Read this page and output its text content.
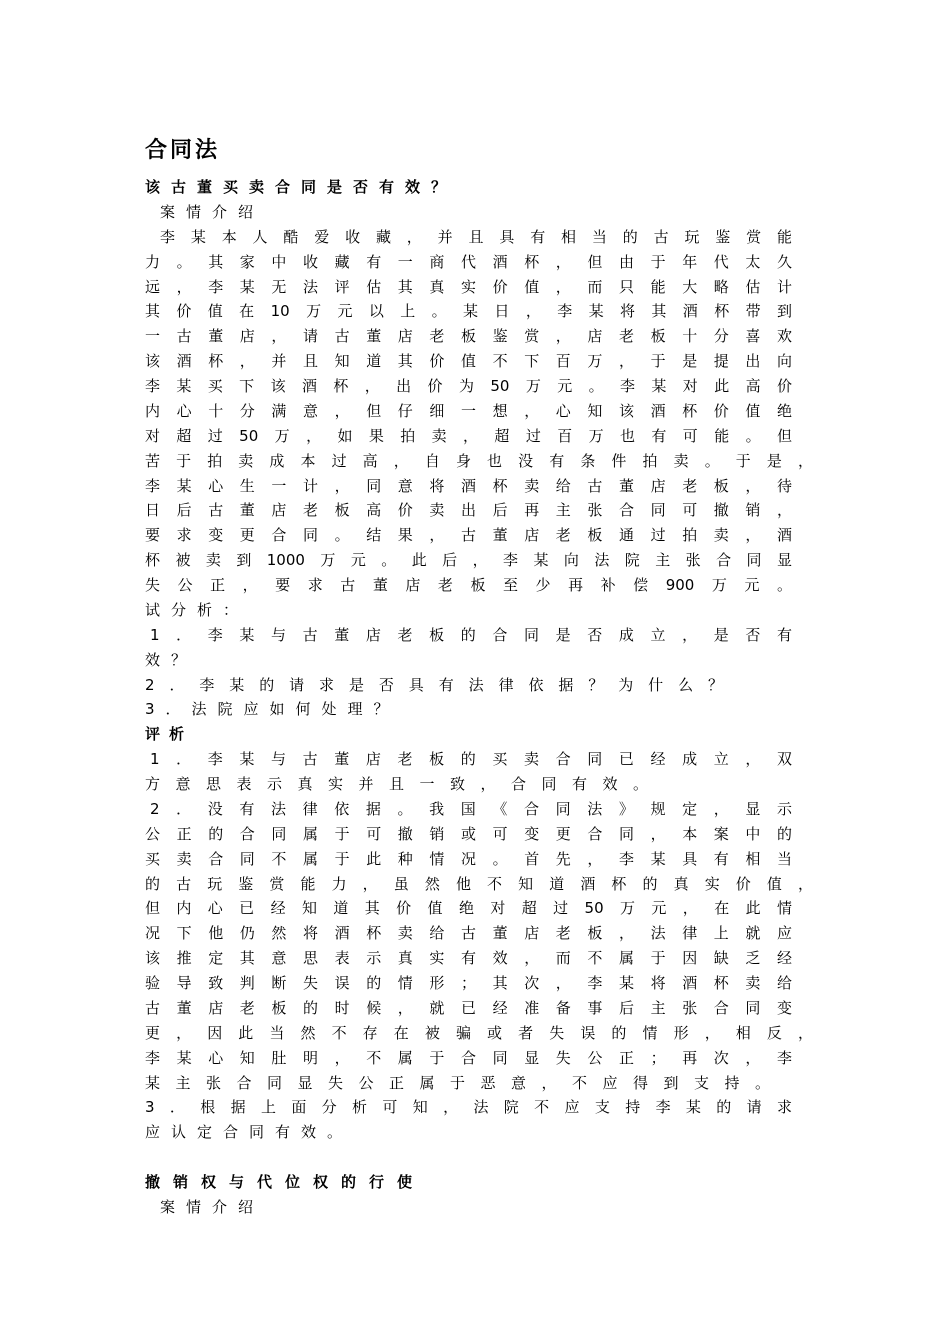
合同法
该古董买卖合同是否有效？

案情介绍

李某本人酷爱收藏，并且具有相当的古玩鉴赏能

力。其家中收藏有一商代酒杯，但由于年代太久

远，李某无法评估其真实价值，而只能大略估计

其价值在10万元以上。某日，李某将其酒杯带到

一古董店，请古董店老板鉴赏，店老板十分喜欢

该酒杯，并且知道其价值不下百万，于是提出向

李某买下该酒杯，出价为50万元。李某对此高价

内心十分满意，但仔细一想，心知该酒杯价值绝

对超过50万，如果拍卖，超过百万也有可能。但

苦于拍卖成本过高，自身也没有条件拍卖。于是，

李某心生一计，同意将酒杯卖给古董店老板，待

日后古董店老板高价卖出后再主张合同可撤销，

要求变更合同。结果，古董店老板通过拍卖，酒

杯被卖到1000万元。此后，李某向法院主张合同显

失公正，要求古董店老板至少再补偿900万元。

试分析：

1．李某与古董店老板的合同是否成立，是否有

效？

2．李某的请求是否具有法律依据？为什么？

3．法院应如何处理？

评析

1．李某与古董店老板的买卖合同已经成立，双

方意思表示真实并且一致，合同有效。

2．没有法律依据。我国《合同法》规定，显示

公正的合同属于可撤销或可变更合同，本案中的

买卖合同不属于此种情况。首先，李某具有相当

的古玩鉴赏能力，虽然他不知道酒杯的真实价值，

但内心已经知道其价值绝对超过50万元，在此情

况下他仍然将酒杯卖给古董店老板，法律上就应

该推定其意思表示真实有效，而不属于因缺乏经

验导致判断失误的情形；其次，李某将酒杯卖给

古董店老板的时候，就已经准备事后主张合同变

更，因此当然不存在被骗或者失误的情形，相反，

李某心知肚明，不属于合同显失公正；再次，李

某主张合同显失公正属于恶意，不应得到支持。

3．根据上面分析可知，法院不应支持李某的请求

应认定合同有效。

撤销权与代位权的行使

案情介绍
